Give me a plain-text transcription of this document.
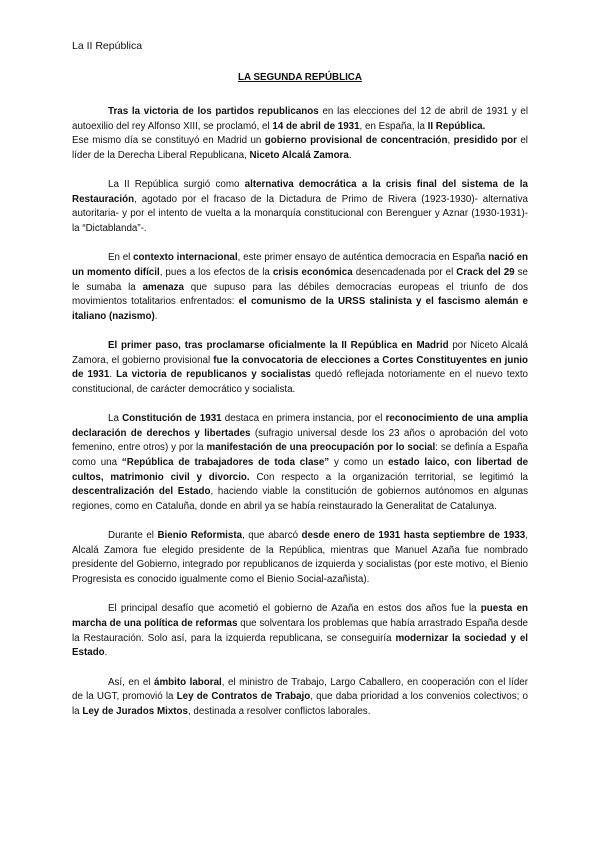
La II República
LA SEGUNDA REPÚBLICA

Tras la victoria de los partidos republicanos en las elecciones del 12 de abril de 1931 y el autoexilio del rey Alfonso XIII, se proclamó, el 14 de abril de 1931, en España, la II República.

Ese mismo día se constituyó en Madrid un gobierno provisional de concentración, presidido por el líder de la Derecha Liberal Republicana, Niceto Alcalá Zamora.

La II República surgió como alternativa democrática a la crisis final del sistema de la Restauración, agotado por el fracaso de la Dictadura de Primo de Rivera (1923-1930)- alternativa autoritaria- y por el intento de vuelta a la monarquía constitucional con Berenguer y Aznar (1930-1931)- la “Dictablanda”-.

En el contexto internacional, este primer ensayo de auténtica democracia en España nació en un momento difícil, pues a los efectos de la crisis económica desencadenada por el Crack del 29 se le sumaba la amenaza que supuso para las débiles democracias europeas el triunfo de dos movimientos totalitarios enfrentados: el comunismo de la URSS stalinista y el fascismo alemán e italiano (nazismo).

El primer paso, tras proclamarse oficialmente la II República en Madrid por Niceto Alcalá Zamora, el gobierno provisional fue la convocatoria de elecciones a Cortes Constituyentes en junio de 1931. La victoria de republicanos y socialistas quedó reflejada notoriamente en el nuevo texto constitucional, de carácter democrático y socialista.

La Constitución de 1931 destaca en primera instancia, por el reconocimiento de una amplia declaración de derechos y libertades (sufragio universal desde los 23 años o aprobación del voto femenino, entre otros) y por la manifestación de una preocupación por lo social: se definía a España como una “República de trabajadores de toda clase” y como un estado laico, con libertad de cultos, matrimonio civil y divorcio. Con respecto a la organización territorial, se legitimó la descentralización del Estado, haciendo viable la constitución de gobiernos autónomos en algunas regiones, como en Cataluña, donde en abril ya se había reinstaurado la Generalitat de Catalunya.

Durante el Bienio Reformista, que abarcó desde enero de 1931 hasta septiembre de 1933, Alcalá Zamora fue elegido presidente de la República, mientras que Manuel Azaña fue nombrado presidente del Gobierno, integrado por republicanos de izquierda y socialistas (por este motivo, el Bienio Progresista es conocido igualmente como el Bienio Social-azañista).

El principal desafío que acometió el gobierno de Azaña en estos dos años fue la puesta en marcha de una política de reformas que solventara los problemas que había arrastrado España desde la Restauración. Solo así, para la izquierda republicana, se conseguiría modernizar la sociedad y el Estado.

Así, en el ámbito laboral, el ministro de Trabajo, Largo Caballero, en cooperación con el líder de la UGT, promovió la Ley de Contratos de Trabajo, que daba prioridad a los convenios colectivos; o la Ley de Jurados Mixtos, destinada a resolver conflictos laborales.
